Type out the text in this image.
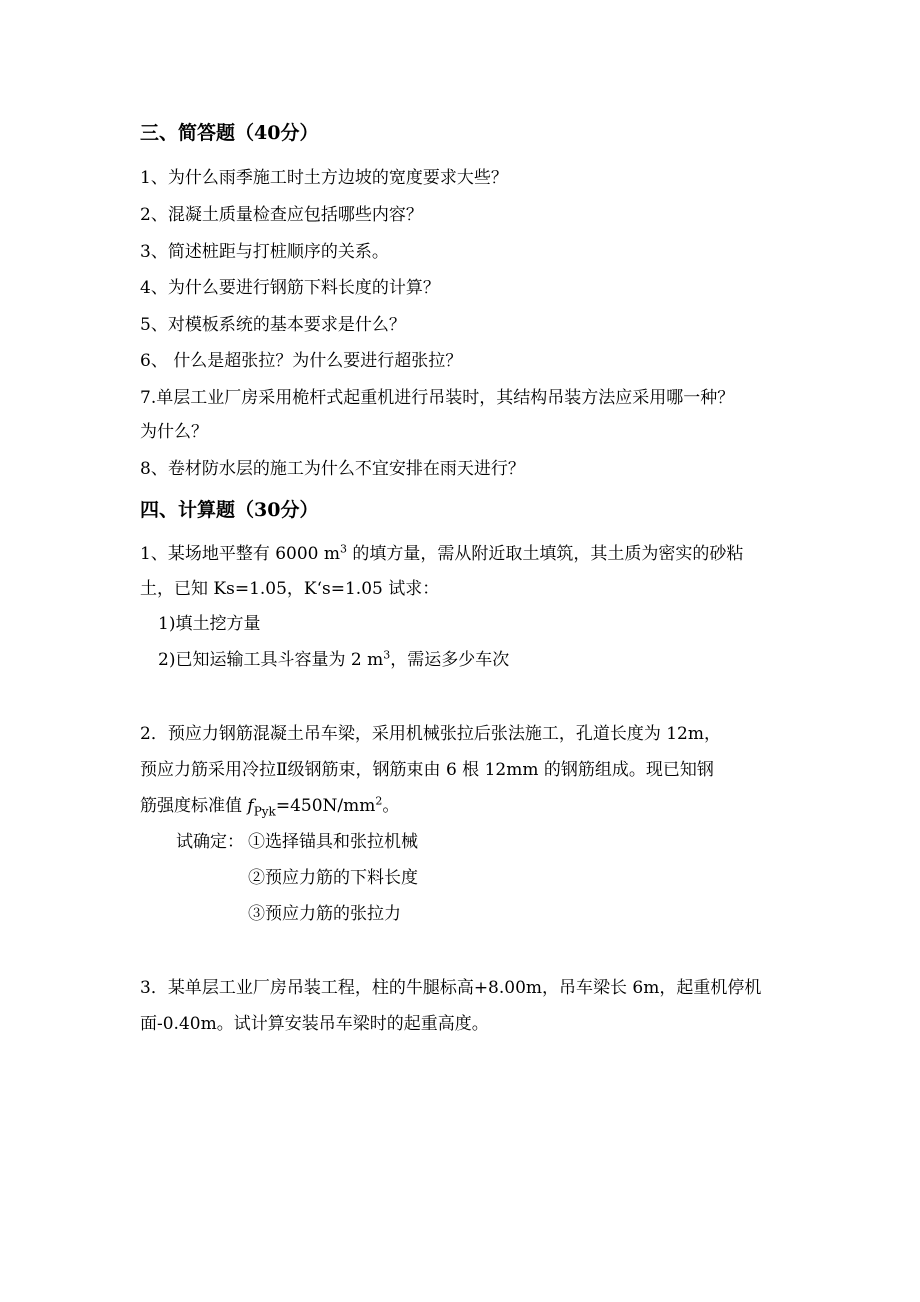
三、简答题（40分）
1、为什么雨季施工时土方边坡的宽度要求大些？
2、混凝土质量检查应包括哪些内容？
3、简述桩距与打桩顺序的关系。
4、为什么要进行钢筋下料长度的计算？
5、对模板系统的基本要求是什么？
6、 什么是超张拉？为什么要进行超张拉？
7.单层工业厂房采用桅杆式起重机进行吊装时，其结构吊装方法应采用哪一种？
为什么？
8、卷材防水层的施工为什么不宜安排在雨天进行？
四、计算题（30分）
1、某场地平整有 6000 $m^3$ 的填方量，需从附近取土填筑，其土质为密实的砂粘
土，已知 Ks=1.05，K‘s=1.05 试求：
1)填土挖方量
2)已知运输工具斗容量为 2 $m^3$，需运多少车次
2．预应力钢筋混凝土吊车梁，采用机械张拉后张法施工，孔道长度为 12m，
预应力筋采用冷拉Ⅱ级钢筋束，钢筋束由 6 根 12mm 的钢筋组成。现已知钢
筋强度标准值 $f_{Pyk}=450N/mm^2$。
试确定： ①选择锚具和张拉机械
②预应力筋的下料长度
③预应力筋的张拉力
3．某单层工业厂房吊装工程，柱的牛腿标高+8.00m，吊车梁长 6m，起重机停机
面-0.40m。试计算安装吊车梁时的起重高度。
